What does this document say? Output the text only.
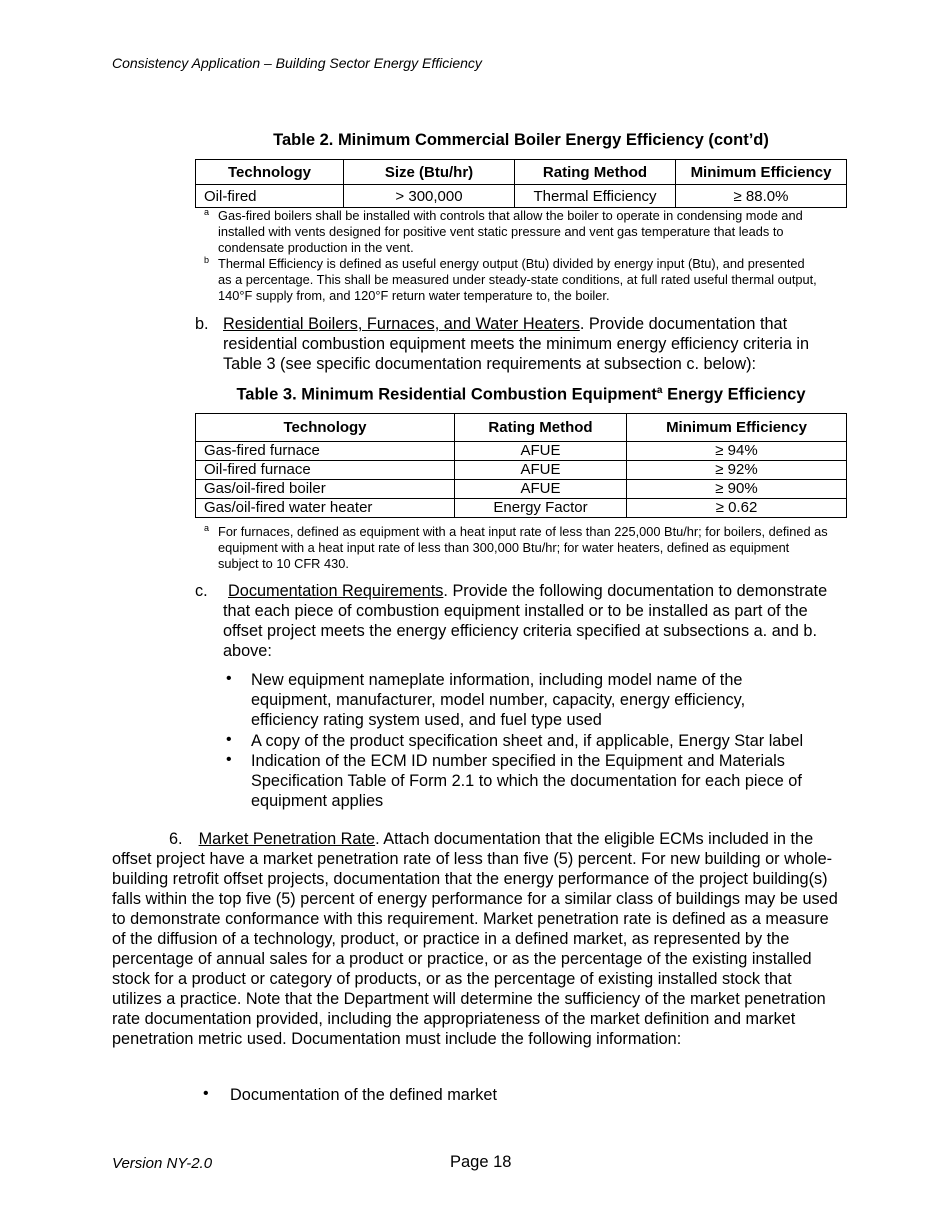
Consistency Application – Building Sector Energy Efficiency
Table 2. Minimum Commercial Boiler Energy Efficiency (cont’d)
Technology	Size (Btu/hr)	Rating Method	Minimum Efficiency
Oil-fired	> 300,000	Thermal Efficiency	≥ 88.0%
a Gas-fired boilers shall be installed with controls that allow the boiler to operate in condensing mode and installed with vents designed for positive vent static pressure and vent gas temperature that leads to condensate production in the vent.
b Thermal Efficiency is defined as useful energy output (Btu) divided by energy input (Btu), and presented as a percentage. This shall be measured under steady-state conditions, at full rated useful thermal output, 140°F supply from, and 120°F return water temperature to, the boiler.
b. Residential Boilers, Furnaces, and Water Heaters. Provide documentation that residential combustion equipment meets the minimum energy efficiency criteria in Table 3 (see specific documentation requirements at subsection c. below):
Table 3. Minimum Residential Combustion Equipment$^a$ Energy Efficiency
Technology	Rating Method	Minimum Efficiency
Gas-fired furnace	AFUE	≥ 94%
Oil-fired furnace	AFUE	≥ 92%
Gas/oil-fired boiler	AFUE	≥ 90%
Gas/oil-fired water heater	Energy Factor	≥ 0.62
a For furnaces, defined as equipment with a heat input rate of less than 225,000 Btu/hr; for boilers, defined as equipment with a heat input rate of less than 300,000 Btu/hr; for water heaters, defined as equipment subject to 10 CFR 430.
c.	Documentation Requirements. Provide the following documentation to demonstrate that each piece of combustion equipment installed or to be installed as part of the offset project meets the energy efficiency criteria specified at subsections a. and b. above:
• New equipment nameplate information, including model name of the equipment, manufacturer, model number, capacity, energy efficiency, efficiency rating system used, and fuel type used
• A copy of the product specification sheet and, if applicable, Energy Star label
• Indication of the ECM ID number specified in the Equipment and Materials Specification Table of Form 2.1 to which the documentation for each piece of equipment applies
6. Market Penetration Rate. Attach documentation that the eligible ECMs included in the offset project have a market penetration rate of less than five (5) percent. For new building or whole-building retrofit offset projects, documentation that the energy performance of the project building(s) falls within the top five (5) percent of energy performance for a similar class of buildings may be used to demonstrate conformance with this requirement. Market penetration rate is defined as a measure of the diffusion of a technology, product, or practice in a defined market, as represented by the percentage of annual sales for a product or practice, or as the percentage of the existing installed stock for a product or category of products, or as the percentage of existing installed stock that utilizes a practice. Note that the Department will determine the sufficiency of the market penetration rate documentation provided, including the appropriateness of the market definition and market penetration metric used. Documentation must include the following information:
• Documentation of the defined market
Version NY-2.0	Page 18
